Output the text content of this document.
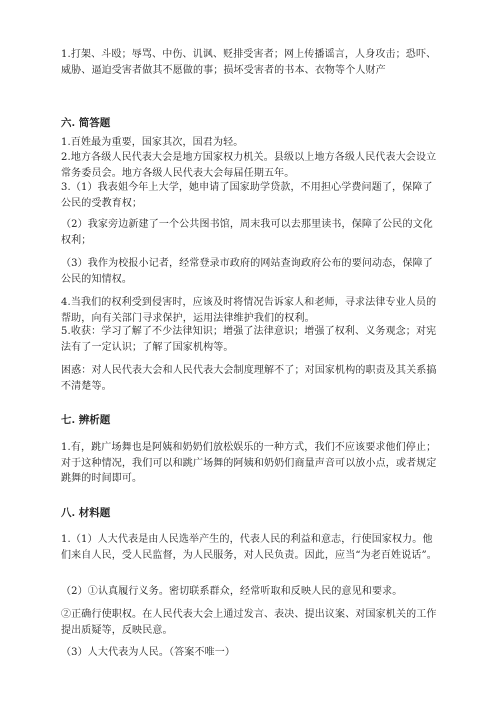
1.打架、斗殴；辱骂、中伤、讥讽、贬排受害者；网上传播谣言，人身攻击；恐吓、威胁、逼迫受害者做其不愿做的事；损坏受害者的书本、衣物等个人财产
六. 简答题
1.百姓最为重要，国家其次，国君为轻。
2.地方各级人民代表大会是地方国家权力机关。县级以上地方各级人民代表大会设立常务委员会。地方各级人民代表大会每届任期五年。
3.（1）我表姐今年上大学，她申请了国家助学贷款，不用担心学费问题了，保障了公民的受教育权；
（2）我家旁边新建了一个公共图书馆，周末我可以去那里读书，保障了公民的文化权利；
（3）我作为校报小记者，经常登录市政府的网站查询政府公布的要问动态，保障了公民的知情权。
4.当我们的权利受到侵害时，应该及时将情况告诉家人和老师，寻求法律专业人员的帮助，向有关部门寻求保护，运用法律维护我们的权利。
5.收获：学习了解了不少法律知识；增强了法律意识；增强了权利、义务观念；对宪法有了一定认识；了解了国家机构等。
困惑：对人民代表大会和人民代表大会制度理解不了；对国家机构的职责及其关系搞不清楚等。
七. 辨析题
1.有，跳广场舞也是阿姨和奶奶们放松娱乐的一种方式，我们不应该要求他们停止；对于这种情况，我们可以和跳广场舞的阿姨和奶奶们商量声音可以放小点，或者规定跳舞的时间即可。
八. 材料题
1.（1）人大代表是由人民选举产生的，代表人民的利益和意志，行使国家权力。他们来自人民，受人民监督，为人民服务，对人民负责。因此，应当“为老百姓说话”。
（2）①认真履行义务。密切联系群众，经常听取和反映人民的意见和要求。
②正确行使职权。在人民代表大会上通过发言、表决、提出议案、对国家机关的工作提出质疑等，反映民意。
（3）人大代表为人民。（答案不唯一）
